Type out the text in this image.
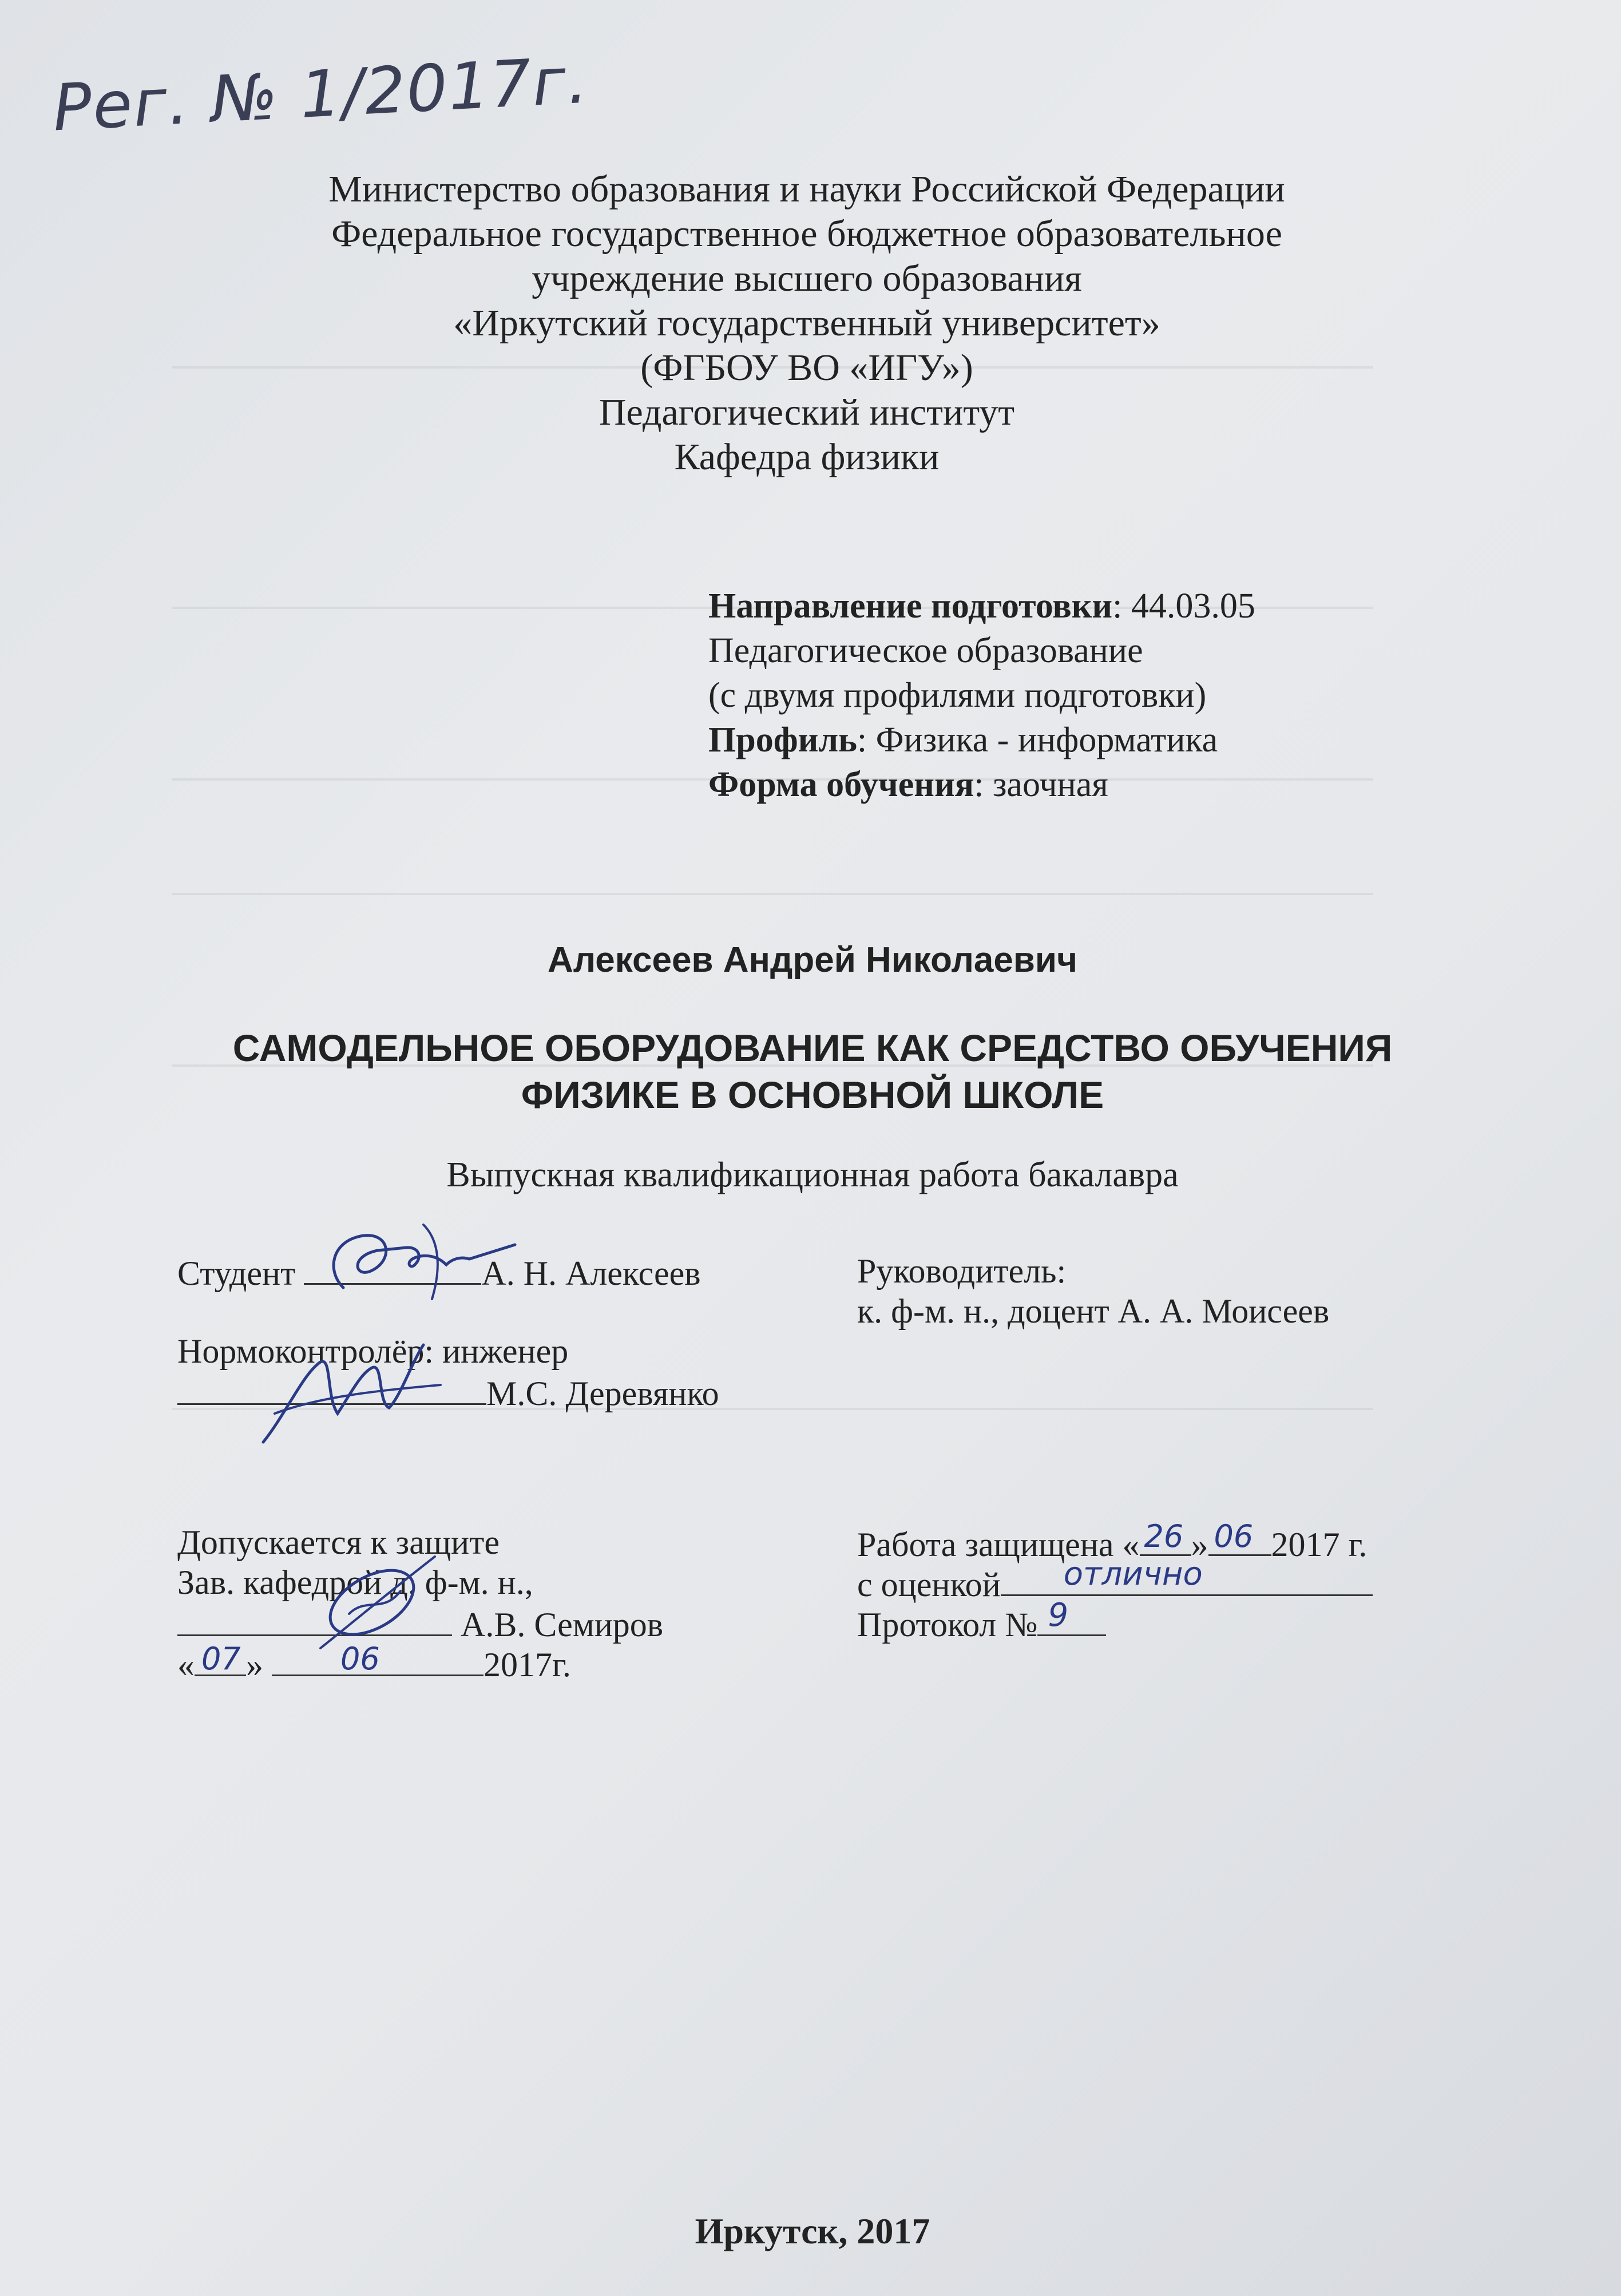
Рег. № 1/2017г.
Министерство образования и науки Российской Федерации
Федеральное государственное бюджетное образовательное
учреждение высшего образования
«Иркутский государственный университет»
(ФГБОУ ВО «ИГУ»)
Педагогический институт
Кафедра физики
Направление подготовки: 44.03.05
Педагогическое образование
(с двумя профилями подготовки)
Профиль: Физика - информатика
Форма обучения: заочная
Алексеев Андрей Николаевич
САМОДЕЛЬНОЕ ОБОРУДОВАНИЕ КАК СРЕДСТВО ОБУЧЕНИЯ
ФИЗИКЕ В ОСНОВНОЙ ШКОЛЕ
Выпускная квалификационная работа бакалавра
Студент	А. Н. Алексеев	Руководитель:
к. ф-м. н., доцент А. А. Моисеев
Нормоконтролёр: инженер
М.С. Деревянко
Допускается к защите
Зав. кафедрой д. ф-м. н.,
А.В. Семиров
« 07 » 06	2017г.
Работа защищена « 26 » 06 2017 г.
с оценкой отлично
Протокол № 9
Иркутск, 2017
